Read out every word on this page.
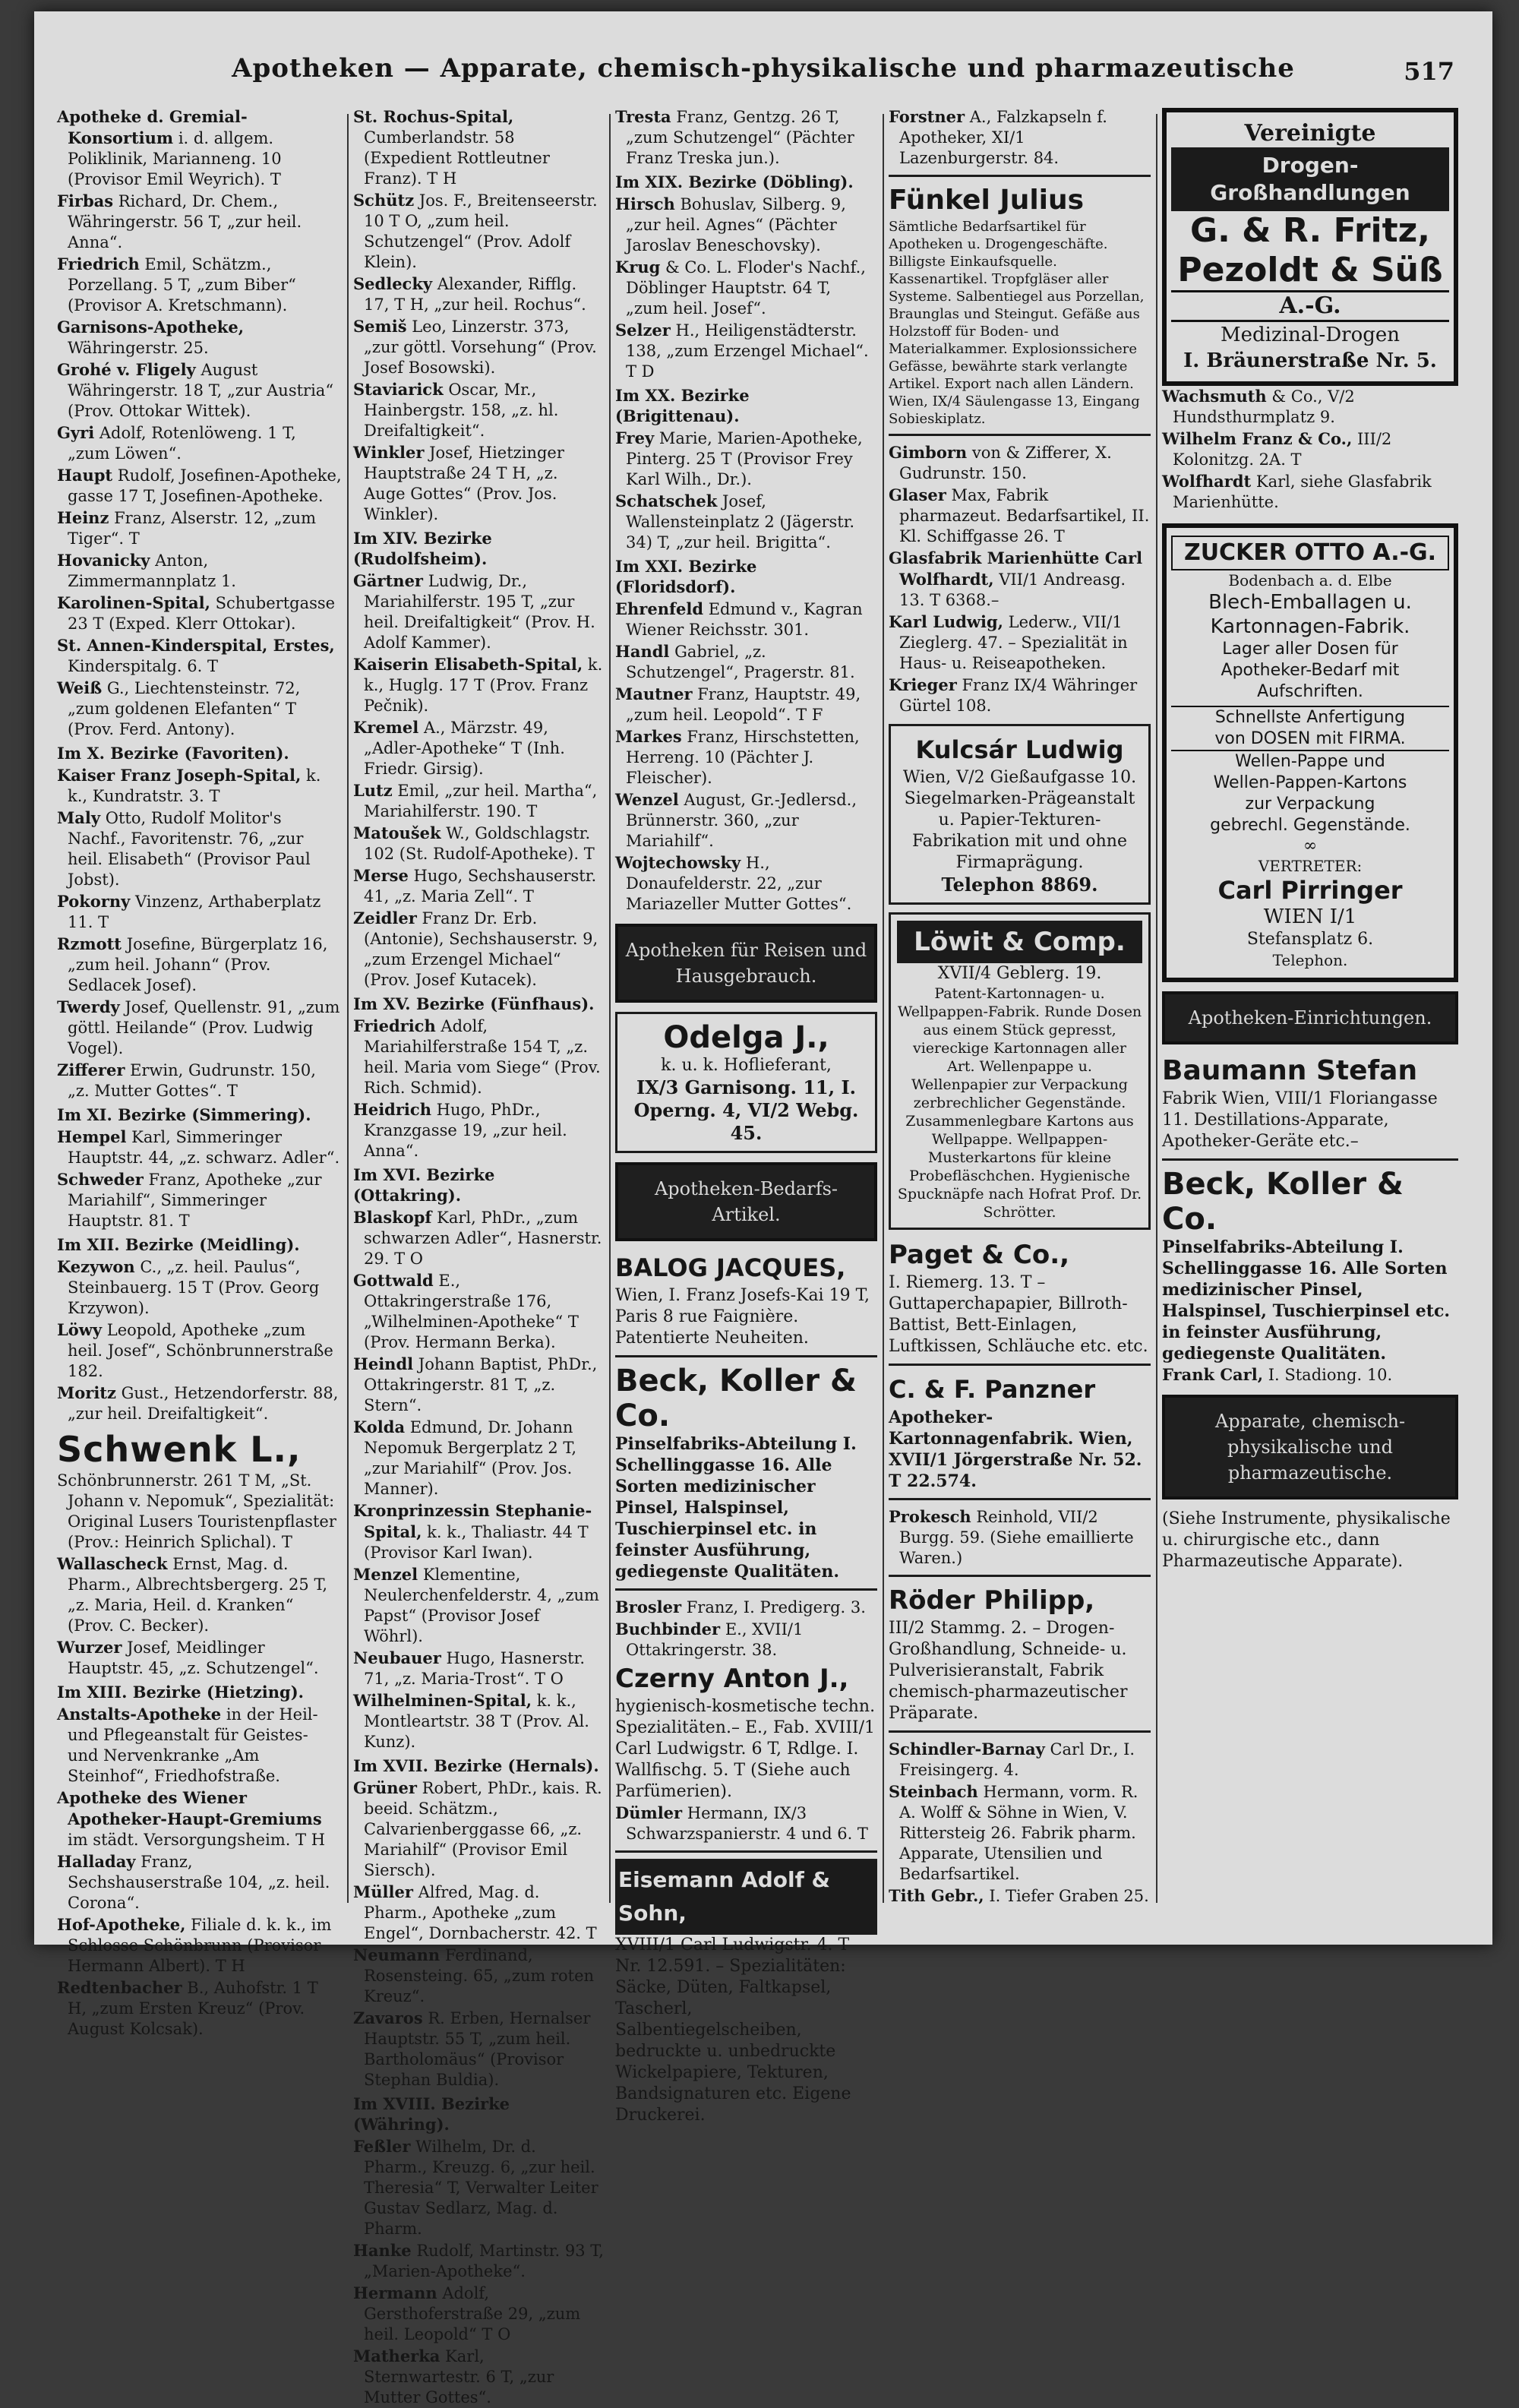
Apotheken — Apparate, chemisch-physikalische und pharmazeutische	517
Apotheke d. Gremial-Konsortium i. d. allgem. Poliklinik, Marianneng. 10 (Provisor Emil Weyrich). T
Firbas Richard, Dr. Chem., Währingerstr. 56 T, „zur heil. Anna“.
Friedrich Emil, Schätzm., Porzellang. 5 T, „zum Biber“ (Provisor A. Kretschmann).
Garnisons-Apotheke, Währingerstr. 25.
Grohé v. Fligely August Währingerstr. 18 T, „zur Austria“ (Prov. Ottokar Wittek).
Gyri Adolf, Rotenlöweng. 1 T, „zum Löwen“.
Haupt Rudolf, Josefinen-Apotheke, gasse 17 T, Josefinen-Apotheke.
Heinz Franz, Alserstr. 12, „zum Tiger“. T
Hovanicky Anton, Zimmermannplatz 1.
Karolinen-Spital, Schubertgasse 23 T (Exped. Klerr Ottokar).
St. Annen-Kinderspital, Erstes, Kinderspitalg. 6. T
Weiß G., Liechtensteinstr. 72, „zum goldenen Elefanten“ T (Prov. Ferd. Antony).
Im X. Bezirke (Favoriten).
Kaiser Franz Joseph-Spital, k. k., Kundratstr. 3. T
Maly Otto, Rudolf Molitor's Nachf., Favoritenstr. 76, „zur heil. Elisabeth“ (Provisor Paul Jobst).
Pokorny Vinzenz, Arthaberplatz 11. T
Rzmott Josefine, Bürgerplatz 16, „zum heil. Johann“ (Prov. Sedlacek Josef).
Twerdy Josef, Quellenstr. 91, „zum göttl. Heilande“ (Prov. Ludwig Vogel).
Zifferer Erwin, Gudrunstr. 150, „z. Mutter Gottes“. T
Im XI. Bezirke (Simmering).
Hempel Karl, Simmeringer Hauptstr. 44, „z. schwarz. Adler“.
Schweder Franz, Apotheke „zur Mariahilf“, Simmeringer Hauptstr. 81. T
Im XII. Bezirke (Meidling).
Kezywon C., „z. heil. Paulus“, Steinbauerg. 15 T (Prov. Georg Krzywon).
Löwy Leopold, Apotheke „zum heil. Josef“, Schönbrunnerstraße 182.
Moritz Gust., Hetzendorferstr. 88, „zur heil. Dreifaltigkeit“.
Schwenk L.,
Schönbrunnerstr. 261 T M, „St. Johann v. Nepomuk“, Spezialität: Original Lusers Touristenpflaster (Prov.: Heinrich Splichal). T
Wallascheck Ernst, Mag. d. Pharm., Albrechtsbergerg. 25 T, „z. Maria, Heil. d. Kranken“ (Prov. C. Becker).
Wurzer Josef, Meidlinger Hauptstr. 45, „z. Schutzengel“.
Im XIII. Bezirke (Hietzing).
Anstalts-Apotheke in der Heil- und Pflegeanstalt für Geistes- und Nervenkranke „Am Steinhof“, Friedhofstraße.
Apotheke des Wiener Apotheker-Haupt-Gremiums im städt. Versorgungsheim. T H
Halladay Franz, Sechshauserstraße 104, „z. heil. Corona“.
Hof-Apotheke, Filiale d. k. k., im Schlosse Schönbrunn (Provisor Hermann Albert). T H
Redtenbacher B., Auhofstr. 1 T H, „zum Ersten Kreuz“ (Prov. August Kolcsak).
St. Rochus-Spital, Cumberlandstr. 58 (Expedient Rottleutner Franz). T H
Schütz Jos. F., Breitenseerstr. 10 T O, „zum heil. Schutzengel“ (Prov. Adolf Klein).
Sedlecky Alexander, Rifflg. 17, T H, „zur heil. Rochus“.
Semiš Leo, Linzerstr. 373, „zur göttl. Vorsehung“ (Prov. Josef Bosowski).
Staviarick Oscar, Mr., Hainbergstr. 158, „z. hl. Dreifaltigkeit“.
Winkler Josef, Hietzinger Hauptstraße 24 T H, „z. Auge Gottes“ (Prov. Jos. Winkler).
Im XIV. Bezirke (Rudolfsheim).
Gärtner Ludwig, Dr., Mariahilferstr. 195 T, „zur heil. Dreifaltigkeit“ (Prov. H. Adolf Kammer).
Kaiserin Elisabeth-Spital, k. k., Huglg. 17 T (Prov. Franz Pečnik).
Kremel A., Märzstr. 49, „Adler-Apotheke“ T (Inh. Friedr. Girsig).
Lutz Emil, „zur heil. Martha“, Mariahilferstr. 190. T
Matoušek W., Goldschlagstr. 102 (St. Rudolf-Apotheke). T
Merse Hugo, Sechshauserstr. 41, „z. Maria Zell“. T
Zeidler Franz Dr. Erb. (Antonie), Sechshauserstr. 9, „zum Erzengel Michael“ (Prov. Josef Kutacek).
Im XV. Bezirke (Fünfhaus).
Friedrich Adolf, Mariahilferstraße 154 T, „z. heil. Maria vom Siege“ (Prov. Rich. Schmid).
Heidrich Hugo, PhDr., Kranzgasse 19, „zur heil. Anna“.
Im XVI. Bezirke (Ottakring).
Blaskopf Karl, PhDr., „zum schwarzen Adler“, Hasnerstr. 29. T O
Gottwald E., Ottakringerstraße 176, „Wilhelminen-Apotheke“ T (Prov. Hermann Berka).
Heindl Johann Baptist, PhDr., Ottakringerstr. 81 T, „z. Stern“.
Kolda Edmund, Dr. Johann Nepomuk Bergerplatz 2 T, „zur Mariahilf“ (Prov. Jos. Manner).
Kronprinzessin Stephanie-Spital, k. k., Thaliastr. 44 T (Provisor Karl Iwan).
Menzel Klementine, Neulerchenfelderstr. 4, „zum Papst“ (Provisor Josef Wöhrl).
Neubauer Hugo, Hasnerstr. 71, „z. Maria-Trost“. T O
Wilhelminen-Spital, k. k., Montleartstr. 38 T (Prov. Al. Kunz).
Im XVII. Bezirke (Hernals).
Grüner Robert, PhDr., kais. R. beeid. Schätzm., Calvarienberggasse 66, „z. Mariahilf“ (Provisor Emil Siersch).
Müller Alfred, Mag. d. Pharm., Apotheke „zum Engel“, Dornbacherstr. 42. T
Neumann Ferdinand, Rosensteing. 65, „zum roten Kreuz“.
Zavaros R. Erben, Hernalser Hauptstr. 55 T, „zum heil. Bartholomäus“ (Provisor Stephan Buldia).
Im XVIII. Bezirke (Währing).
Feßler Wilhelm, Dr. d. Pharm., Kreuzg. 6, „zur heil. Theresia“ T, Verwalter Leiter Gustav Sedlarz, Mag. d. Pharm.
Hanke Rudolf, Martinstr. 93 T, „Marien-Apotheke“.
Hermann Adolf, Gersthoferstraße 29, „zum heil. Leopold“ T O
Matherka Karl, Sternwartestr. 6 T, „zur Mutter Gottes“.
Tresta Franz, Gentzg. 26 T, „zum Schutzengel“ (Pächter Franz Treska jun.).
Im XIX. Bezirke (Döbling).
Hirsch Bohuslav, Silberg. 9, „zur heil. Agnes“ (Pächter Jaroslav Beneschovsky).
Krug & Co. L. Floder's Nachf., Döblinger Hauptstr. 64 T, „zum heil. Josef“.
Selzer H., Heiligenstädterstr. 138, „zum Erzengel Michael“. T D
Im XX. Bezirke (Brigittenau).
Frey Marie, Marien-Apotheke, Pinterg. 25 T (Provisor Frey Karl Wilh., Dr.).
Schatschek Josef, Wallensteinplatz 2 (Jägerstr. 34) T, „zur heil. Brigitta“.
Im XXI. Bezirke (Floridsdorf).
Ehrenfeld Edmund v., Kagran Wiener Reichsstr. 301.
Handl Gabriel, „z. Schutzengel“, Pragerstr. 81.
Mautner Franz, Hauptstr. 49, „zum heil. Leopold“. T F
Markes Franz, Hirschstetten, Herreng. 10 (Pächter J. Fleischer).
Wenzel August, Gr.-Jedlersd., Brünnerstr. 360, „zur Mariahilf“.
Wojtechowsky H., Donaufelderstr. 22, „zur Mariazeller Mutter Gottes“.
Apotheken für Reisen und Hausgebrauch.
Odelga J.,
k. u. k. Hoflieferant,
IX/3 Garnisong. 11, I. Operng. 4, VI/2 Webg. 45.
Apotheken-Bedarfs-Artikel.
BALOG JACQUES,
Wien, I. Franz Josefs-Kai 19 T, Paris 8 rue Faignière. Patentierte Neuheiten.
Beck, Koller & Co.
Pinselfabriks-Abteilung I. Schellinggasse 16. Alle Sorten medizinischer Pinsel, Halspinsel, Tuschierpinsel etc. in feinster Ausführung, gediegenste Qualitäten.
Brosler Franz, I. Predigerg. 3.
Buchbinder E., XVII/1 Ottakringerstr. 38.
Czerny Anton J.,
hygienisch-kosmetische techn. Spezialitäten.– E., Fab. XVIII/1 Carl Ludwigstr. 6 T, Rdlge. I. Wallfischg. 5. T (Siehe auch Parfümerien).
Dümler Hermann, IX/3 Schwarzspanierstr. 4 und 6. T
Eisemann Adolf & Sohn,
XVIII/1 Carl Ludwigstr. 4. T Nr. 12.591. – Spezialitäten: Säcke, Düten, Faltkapsel, Tascherl, Salbentiegelscheiben, bedruckte u. unbedruckte Wickelpapiere, Tekturen, Bandsignaturen etc. Eigene Druckerei.
Forstner A., Falzkapseln f. Apotheker, XI/1 Lazenburgerstr. 84.
Fünkel Julius
Sämtliche Bedarfsartikel für Apotheken u. Drogengeschäfte. Billigste Einkaufsquelle. Kassenartikel. Tropfgläser aller Systeme. Salbentiegel aus Porzellan, Braunglas und Steingut. Gefäße aus Holzstoff für Boden- und Materialkammer. Explosionssichere Gefässe, bewährte stark verlangte Artikel. Export nach allen Ländern. Wien, IX/4 Säulengasse 13, Eingang Sobieskiplatz.
Gimborn von & Zifferer, X. Gudrunstr. 150.
Glaser Max, Fabrik pharmazeut. Bedarfsartikel, II. Kl. Schiffgasse 26. T
Glasfabrik Marienhütte Carl Wolfhardt, VII/1 Andreasg. 13. T 6368.–
Karl Ludwig, Lederw., VII/1 Zieglerg. 47. – Spezialität in Haus- u. Reiseapotheken.
Krieger Franz IX/4 Währinger Gürtel 108.
Kulcsár Ludwig
Wien, V/2 Gießaufgasse 10. Siegelmarken-Prägeanstalt u. Papier-Tekturen-Fabrikation mit und ohne Firmaprägung.
Telephon 8869.
Löwit & Comp.
XVII/4 Geblerg. 19.
Patent-Kartonnagen- u. Wellpappen-Fabrik. Runde Dosen aus einem Stück gepresst, viereckige Kartonnagen aller Art. Wellenpappe u. Wellenpapier zur Verpackung zerbrechlicher Gegenstände. Zusammenlegbare Kartons aus Wellpappe. Wellpappen-Musterkartons für kleine Probefläschchen. Hygienische Spucknäpfe nach Hofrat Prof. Dr. Schrötter.
Paget & Co.,
I. Riemerg. 13. T – Guttaperchapapier, Billroth-Battist, Bett-Einlagen, Luftkissen, Schläuche etc. etc.
C. & F. Panzner
Apotheker-Kartonnagenfabrik. Wien, XVII/1 Jörgerstraße Nr. 52. T 22.574.
Prokesch Reinhold, VII/2 Burgg. 59. (Siehe emaillierte Waren.)
Röder Philipp,
III/2 Stammg. 2. – Drogen-Großhandlung, Schneide- u. Pulverisieranstalt, Fabrik chemisch-pharmazeutischer Präparate.
Schindler-Barnay Carl Dr., I. Freisingerg. 4.
Steinbach Hermann, vorm. R. A. Wolff & Söhne in Wien, V. Rittersteig 26. Fabrik pharm. Apparate, Utensilien und Bedarfsartikel.
Tith Gebr., I. Tiefer Graben 25.
Vereinigte
Drogen-Großhandlungen
G. & R. Fritz,
Pezoldt & Süß
A.-G.
Medizinal-Drogen
I. Bräunerstraße Nr. 5.
Wachsmuth & Co., V/2 Hundsthurmplatz 9.
Wilhelm Franz & Co., III/2 Kolonitzg. 2A. T
Wolfhardt Karl, siehe Glasfabrik Marienhütte.
ZUCKER OTTO A.-G.
Bodenbach a. d. Elbe
Blech-Emballagen u.
Kartonnagen-Fabrik.
Lager aller Dosen für
Apotheker-Bedarf mit
Aufschriften.
Schnellste Anfertigung
von DOSEN mit FIRMA.
Wellen-Pappe und
Wellen-Pappen-Kartons
zur Verpackung
gebrechl. Gegenstände.
∞
VERTRETER:
Carl Pirringer
WIEN I/1
Stefansplatz 6.
Telephon.
Apotheken-Einrichtungen.
Baumann Stefan
Fabrik Wien, VIII/1 Floriangasse 11. Destillations-Apparate, Apotheker-Geräte etc.–
Beck, Koller & Co.
Pinselfabriks-Abteilung I. Schellinggasse 16. Alle Sorten medizinischer Pinsel, Halspinsel, Tuschierpinsel etc. in feinster Ausführung, gediegenste Qualitäten.
Frank Carl, I. Stadiong. 10.
Apparate, chemisch-physikalische und pharmazeutische.
(Siehe Instrumente, physikalische u. chirurgische etc., dann Pharmazeutische Apparate).
